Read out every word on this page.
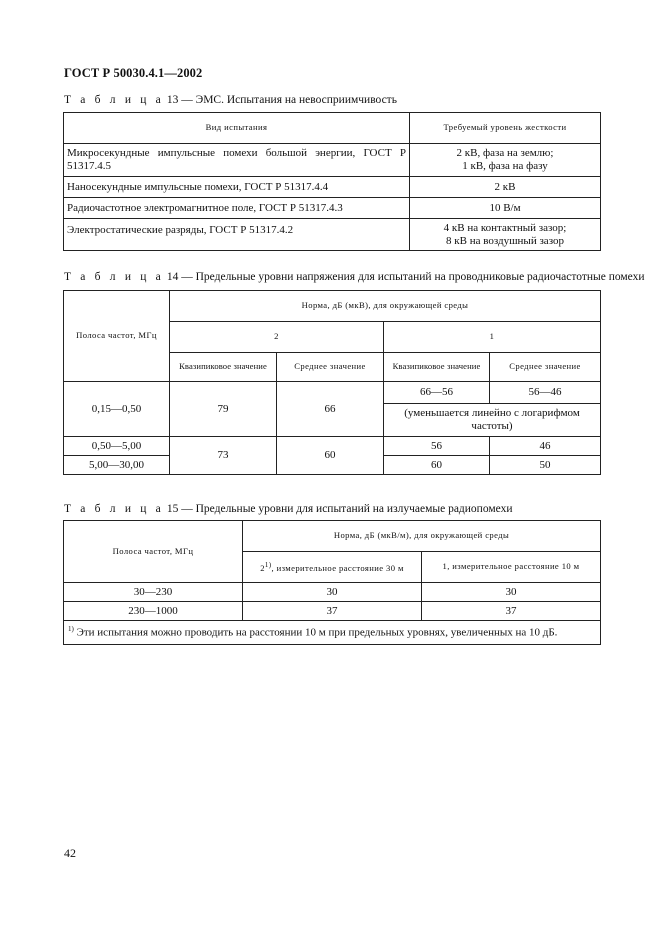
ГОСТ Р 50030.4.1—2002
Т а б л и ц а 13 — ЭМС. Испытания на невосприимчивость
Вид испытания	Требуемый уровень жесткости
Микросекундные импульсные помехи большой энергии, ГОСТ Р 51317.4.5	2 кВ, фаза на землю;
1 кВ, фаза на фазу
Наносекундные импульсные помехи, ГОСТ Р 51317.4.4	2 кВ
Радиочастотное электромагнитное поле, ГОСТ Р 51317.4.3	10 В/м
Электростатические разряды, ГОСТ Р 51317.4.2	4 кВ на контактный зазор;
8 кВ на воздушный зазор
Т а б л и ц а 14 — Предельные уровни напряжения для испытаний на проводниковые радиочастотные помехи
Полоса частот, МГц	Норма, дБ (мкВ), для окружающей среды			
	2		1	
	Квазипиковое значение	Среднее значение	Квазипиковое значение	Среднее значение
0,15—0,50	79	66	66—56	56—46
			(уменьшается линейно с логарифмом частоты)	
0,50—5,00	73	60	56	46
5,00—30,00			60	50
Т а б л и ц а 15 — Предельные уровни для испытаний на излучаемые радиопомехи
Полоса частот, МГц	Норма, дБ (мкВ/м), для окружающей среды	
	2$^{1)}$, измерительное расстояние 30 м	1, измерительное расстояние 10 м
30—230	30	30
230—1000	37	37
$^{1)}$ Эти испытания можно проводить на расстоянии 10 м при предельных уровнях, увеличенных на 10 дБ.		
42
